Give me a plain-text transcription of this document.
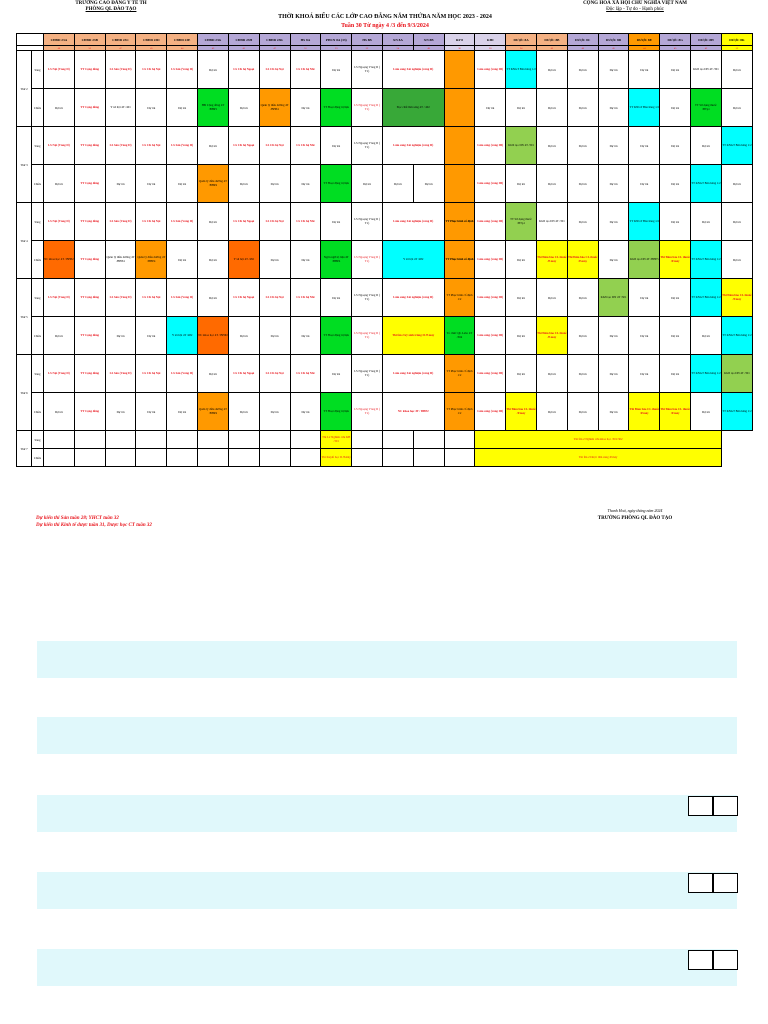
TRƯỜNG CAO ĐẲNG Y TẾ TH
PHÒNG QL ĐÀO TẠO
CỘNG HOÀ XÃ HỘI CHỦ NGHĨA VIỆT NAM
Độc lập - Tự do - Hạnh phúc
THỜI KHOÁ BIỂU CÁC LỚP CAO ĐẲNG NĂM THỨBA NĂM HỌC 2023 - 2024
Tuần 30 Từ ngày 4 /3 đến 9/3/2024
		CĐĐD 23A	CĐĐD 23B	CĐĐD 23C	CĐĐD 23D	CĐĐD 23E	CĐĐD 23G	CĐĐD 23H	CĐĐD 23K	HS 8A	PHCN 8A (33)	HS 8B	XN 8A	XN 8B	RP 8	KHI	DƯỢC 8A	DƯỢC 8B	DƯỢC 8C	DƯỢC 8D	DƯỢC 8E	DƯỢC 8G	DƯỢC 8H	DƯỢC 8K
		46	50	47	45	44	43	45	47	51	33	52	54	48	36	28	34	45	46	45	44	45	42	52
Thứ 2	Sáng	LS Nội (Vòng II)	TT Cộng đồng	LS Sản (Vòng II)	LS CK hệ Nội	LS Sản (Vòng II)	Dự trù	LS CK hệ Ngoại	LS CK hệ Nội	LS CK hệ Nhi	Dự trù	LS Ngoạng Vòng II ( T1)	Lâm sàng Xét nghiệm (vòng II)			Lâm sàng (vòng III)	TT KNGT Bán hàng 1/2	Dự trù	Dự trù	Dự trù	Dự trù	Dự trù	Khởi tạo DN 4T /301	Dự trù
	Chiều	Dự trù	TT Cộng đồng	Y xã hội 4T /401	Dự trù	Dự trù	HĐ Cộng đồng 4T /BHP1	Dự trù	Quản lý điều dưỡng 4T /BHP4	Dự trù	TT Hoạt động trị liệu	LS Ngoạng Vòng II ( T1)	Đọc chất lâm sàng 4T / 402			Dự trù	Dự trù	Dự trù	Dự trù	Dự trù	TT KNGT Bán hàng 1/2	Dự trù	TT Sử dụng thuốc /BTp1	Dự trù
Thứ 3	Sáng	LS Nội (Vòng II)	TT Cộng đồng	LS Sản (Vòng II)	LS CK hệ Nội	LS Sản (Vòng II)	Dự trù	LS CK hệ Ngoại	LS CK hệ Nội	LS CK hệ Nhi	Dự trù	LS Ngoạng Vòng II ( T1)	Lâm sàng Xét nghiệm (vòng II)			Lâm sàng (vòng III)	Khởi tạo DN 4T /301	Dự trù	Dự trù	Dự trù	Dự trù	Dự trù	Dự trù	TT KNGT Bán hàng 1/2
	Chiều	Dự trù	TT Cộng đồng	Dự trù	Dự trù	Dự trù	Quản lý điều dưỡng 4T /BHP4	Dự trù	Dự trù	Dự trù	TT Hoạt động trị liệu	Dự trù	Dự trù	Dự trù		Lâm sàng (vòng III)	Dự trù	Dự trù	Dự trù	Dự trù	Dự trù	Dự trù	TT KNGT Bán hàng 1/2	Dự trù
Thứ 4	Sáng	LS Nội (Vòng II)	TT Cộng đồng	LS Sản (Vòng II)	LS CK hệ Nội	LS Sản (Vòng II)	Dự trù	LS CK hệ Ngoại	LS CK hệ Nội	LS CK hệ Nhi	Dự trù	LS Ngoạng Vòng II ( T1)	Lâm sàng Xét nghiệm (vòng II)		TT Phục hình cố định	Lâm sàng (vòng III)	TT Sử dụng thuốc /BTp1	Khởi tạo DN 4T /301	Dự trù	Dự trù	TT KNGT Bán hàng 1/2	Dự trù	Dự trù	Dự trù
	Chiều	NC khoa học 4T / BHP2	TT Cộng đồng	Quản lý điều dưỡng 4T /BHP4	Quản lý điều dưỡng 4T /BHP4	Dự trù	Dự trù	Y xã hội 4T /482	Dự trù	Dự trù	Ngôn ngữ trị liệu 4T /BHP4	LS Ngoạng Vòng II ( T1)	Y xã hội 4T /482		TT Phục hình cố định	Lâm sàng (vòng III)	Dự trù	Thi Đảm bảo CL thuốc /P.máy	Thi Đảm bảo CL thuốc /P.máy	Dự trù	Khởi tạo DN 4T /BHP5	Thi Đảm bảo CL thuốc /P.máy	TT KNGT Bán hàng 1/2	Dự trù
Thứ 5	Sáng	LS Nội (Vòng II)	TT Cộng đồng	LS Sản (Vòng II)	LS CK hệ Nội	LS Sản (Vòng II)	Dự trù	LS CK hệ Ngoại	LS CK hệ Nội	LS CK hệ Nhi	Dự trù	LS Ngoạng Vòng II ( T1)	Lâm sàng Xét nghiệm (vòng II)		TT Phục hình cố định 1/2	Lâm sàng (vòng III)	Dự trù	Dự trù	Dự trù	Khởi tạo DN 4T /301	Dự trù	Dự trù	TT KNGT Bán hàng 1/2	Thi Đảm bảo CL thuốc /P.máy
	Chiều	Dự trù	TT Cộng đồng	Dự trù	Dự trù	Y xã hội 4T /482	NC khoa học 4T / BHP2	Dự trù	Dự trù	Dự trù	TT Hoạt động trị liệu	LS Ngoạng Vòng II ( T1)	Thi lần 2 kỹ sinh trùng II /P.máy		Tổ chức QL Labo 4T /304	Lâm sàng (vòng III)	Dự trù	Thi Đảm bảo CL thuốc /P.máy	Dự trù	Dự trù	Dự trù	Dự trù	Dự trù	TT KNGT Bán hàng 1/2
Thứ 6	Sáng	LS Nội (Vòng II)	TT Cộng đồng	LS Sản (Vòng II)	LS CK hệ Nội	LS Sản (Vòng II)	Dự trù	LS CK hệ Ngoại	LS CK hệ Nội	LS CK hệ Nhi	Dự trù	LS Ngoạng Vòng II ( T1)	Lâm sàng Xét nghiệm (vòng II)		TT Phục hình cố định 1/2	Lâm sàng (vòng III)	Dự trù	Dự trù	Dự trù	Dự trù	Dự trù	Dự trù	TT KNGT Bán hàng 1/2	Khởi tạo DN 4T /301
	Chiều	Dự trù	TT Cộng đồng	Dự trù	Dự trù	Dự trù	Quản lý điều dưỡng 4T /BHP4	Dự trù	Dự trù	Dự trù	TT Hoạt động trị liệu	LS Ngoạng Vòng II ( T1)	NC khoa học 4T / BHP2		TT Phục hình cố định 1/2	Lâm sàng (vòng III)	Thi Đảm bảo CL thuốc /P.máy	Dự trù	Dự trù	Dự trù	Thi Đảm bảo CL thuốc /P.máy	Thi Đảm bảo CL thuốc /P.máy	Dự trù	TT KNGT Bán hàng 1/2
Thứ 7	Sáng										Thi L2 Nghiên cứu KH /301					Thi lần 2 Nghiên cứu khoa học /301/302								
	Chiều										Thi thuyết học II /P.máy					Thi lần 2 Dược lâm sàng /P.máy								
Thanh Hoá, ngày tháng năm 2024
TRƯỞNG PHÒNG QL ĐÀO TẠO
Dự kiến thi Sản tuần 28; YHCT tuần 32
Dự kiến thi Kinh tế dược tuần 31, Dược học CT tuần 32
